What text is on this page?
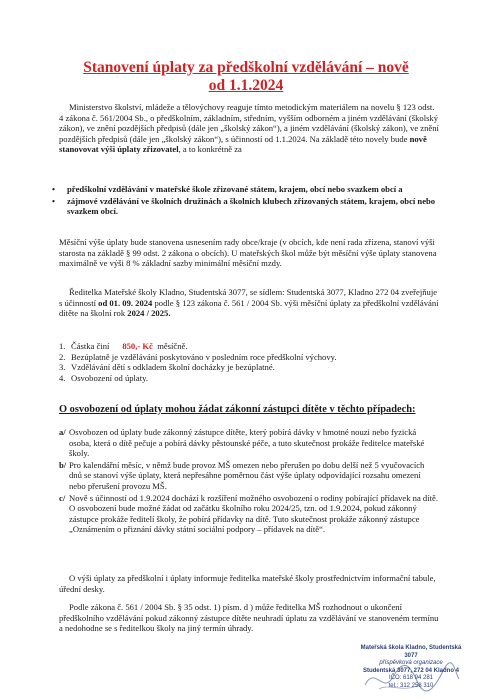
Stanovení úplaty za předškolní vzdělávání – nově
od 1.1.2024

Ministerstvo školství, mládeže a tělovýchovy reaguje tímto metodickým materiálem na novelu § 123 odst. 4 zákona č. 561/2004 Sb., o předškolním, základním, středním, vyšším odborném a jiném vzdělávání (školský zákon), ve znění pozdějších předpisů (dále jen „školský zákon“), a jiném vzdělávání (školský zákon), ve znění pozdějších předpisů (dále jen „školský zákon“), s účinností od 1.1.2024. Na základě této novely bude nově stanovovat výši úplaty zřizovatel, a to konkrétně za

• předškolní vzdělávání v mateřské škole zřizované státem, krajem, obcí nebo svazkem obcí a
• zájmové vzdělávání ve školních družinách a školních klubech zřizovaných státem, krajem, obcí nebo svazkem obcí.

Měsíční výše úplaty bude stanovena usnesením rady obce/kraje (v obcích, kde není rada zřízena, stanoví výši starosta na základě § 99 odst. 2 zákona o obcích). U mateřských škol může být měsíční výše úplaty stanovena maximálně ve výši 8 % základní sazby minimální měsíční mzdy.

Ředitelka Mateřské školy Kladno, Studentská 3077, se sídlem: Studentská 3077, Kladno 272 04 zveřejňuje s účinností od 01. 09. 2024 podle § 123 zákona č. 561 / 2004 Sb. výši měsíční úplaty za předškolní vzdělávání dítěte na školní rok 2024 / 2025.

1. Částka činí 850,- Kč měsíčně.
2. Bezúplatně je vzdělávání poskytováno v posledním roce předškolní výchovy.
3. Vzdělávání dětí s odkladem školní docházky je bezúplatné.
4. Osvobození od úplaty.
O osvobození od úplaty mohou žádat zákonní zástupci dítěte v těchto případech:
a/ Osvobozen od úplaty bude zákonný zástupce dítěte, který pobírá dávky v hmotné nouzi nebo fyzická osoba, která o dítě pečuje a pobírá dávky pěstounské péče, a tuto skutečnost prokáže ředitelce mateřské školy.
b/ Pro kalendářní měsíc, v němž bude provoz MŠ omezen nebo přerušen po dobu delší než 5 vyučovacích dnů se stanoví výše úplaty, která nepřesáhne poměrnou část výše úplaty odpovídající rozsahu omezení nebo přerušení provozu MŠ.
c/ Nově s účinností od 1.9.2024 dochází k rozšíření možného osvobození o rodiny pobírající přídavek na dítě. O osvobození bude možné žádat od začátku školního roku 2024/25, tzn. od 1.9.2024, pokud zákonný zástupce prokáže ředitelí školy, že pobírá přídavky na dítě. Tuto skutečnost prokáže zákonný zástupce „Oznámením o přiznání dávky státní sociální podpory – přídavek na dítě“.

O výši úplaty za předškolní i úplaty informuje ředitelka mateřské školy prostřednictvím informační tabule, úřední desky.

Podle zákona č. 561 / 2004 Sb. § 35 odst. 1) písm. d ) může ředitelka MŠ rozhodnout o ukončení předškolního vzdělávání pokud zákonný zástupce dítěte neuhradí úplatu za vzdělávání ve stanoveném termínu a nedohodne se s ředitelkou školy na jiný termín úhrady.

Mateřská škola Kladno, Studentská 3077
příspěvková organizace
Studentská 3077, 272 04 Kladno 4
IČO: 618 94 281
tel.: 312 258 310
